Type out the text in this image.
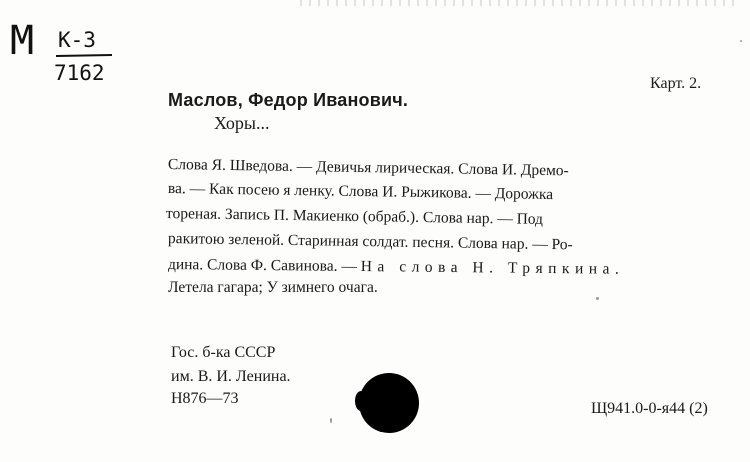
М К-3
7162	Карт. 2.
Маслов, Федор Иванович.
Хоры...
Слова Я. Шведова. — Девичья лирическая. Слова И. Дремо-
ва. — Как посею я ленку. Слова И. Рыжикова. — Дорожка
тореная. Запись П. Макиенко (обраб.). Слова нар. — Под
ракитою зеленой. Старинная солдат. песня. Слова нар. — Ро-
дина. Слова Ф. Савинова. — На слова Н. Тряпкина.
Летела гагара; У зимнего очага.
Гос. б-ка СССР
им. В. И. Ленина.
Н876—73
Щ941.0-0-я44 (2)
